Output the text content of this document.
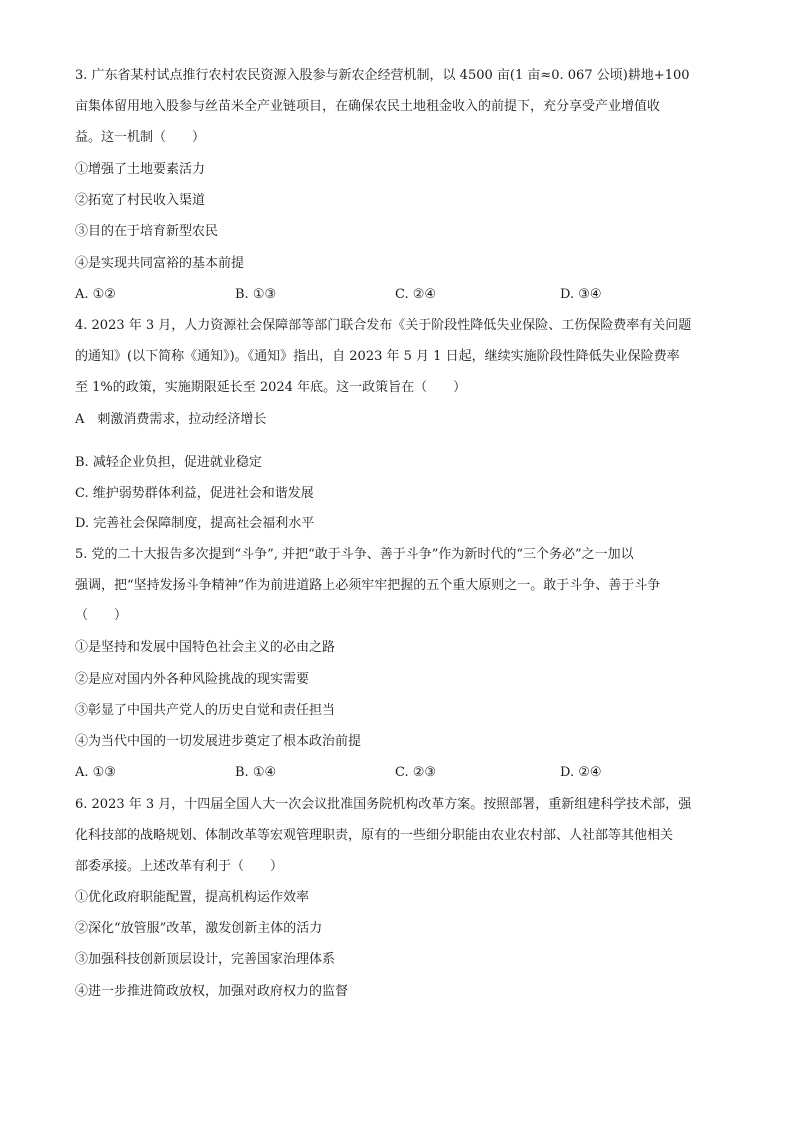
3. 广东省某村试点推行农村农民资源入股参与新农企经营机制，以 4500 亩(1 亩≈0. 067 公顷)耕地+100
亩集体留用地入股参与丝苗米全产业链项目，在确保农民土地租金收入的前提下，充分享受产业增值收
益。这一机制（　　）
①增强了土地要素活力
②拓宽了村民收入渠道
③目的在于培育新型农民
④是实现共同富裕的基本前提
A. ①②	B. ①③	C. ②④	D. ③④
4. 2023 年 3 月，人力资源社会保障部等部门联合发布《关于阶段性降低失业保险、工伤保险费率有关问题
的通知》(以下简称《通知》)。《通知》指出，自 2023 年 5 月 1 日起，继续实施阶段性降低失业保险费率
至 1%的政策，实施期限延长至 2024 年底。这一政策旨在（　　）
A　刺激消费需求，拉动经济增长
B. 减轻企业负担，促进就业稳定
C. 维护弱势群体利益，促进社会和谐发展
D. 完善社会保障制度，提高社会福利水平
5. 党的二十大报告多次提到“斗争”, 并把“敢于斗争、善于斗争”作为新时代的“三个务必”之一加以
强调，把“坚持发扬斗争精神”作为前进道路上必须牢牢把握的五个重大原则之一。敢于斗争、善于斗争
（　　）
①是坚持和发展中国特色社会主义的必由之路
②是应对国内外各种风险挑战的现实需要
③彰显了中国共产党人的历史自觉和责任担当
④为当代中国的一切发展进步奠定了根本政治前提
A. ①③	B. ①④	C. ②③	D. ②④
6. 2023 年 3 月，十四届全国人大一次会议批准国务院机构改革方案。按照部署，重新组建科学技术部，强
化科技部的战略规划、体制改革等宏观管理职责，原有的一些细分职能由农业农村部、人社部等其他相关
部委承接。上述改革有利于（　　）
①优化政府职能配置，提高机构运作效率
②深化“放管服”改革，激发创新主体的活力
③加强科技创新顶层设计，完善国家治理体系
④进一步推进简政放权，加强对政府权力的监督
